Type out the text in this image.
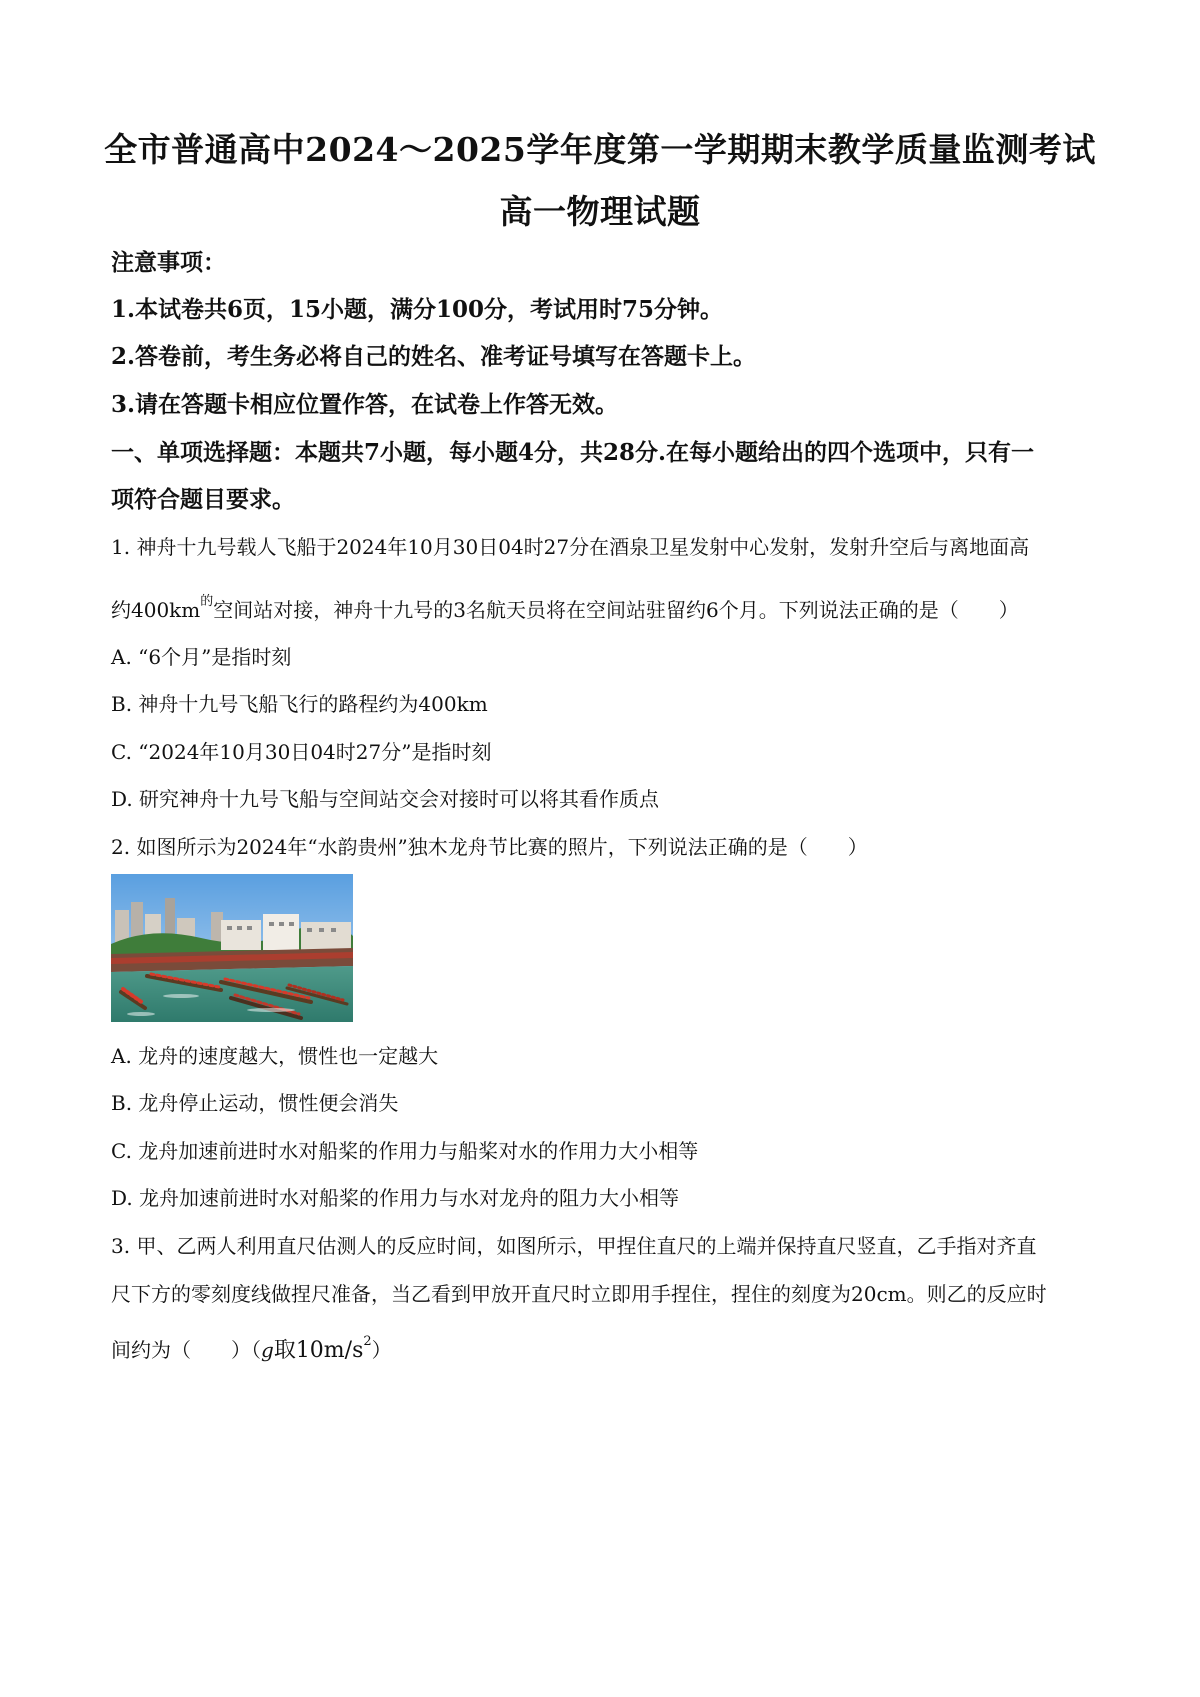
全市普通高中2024～2025学年度第一学期期末教学质量监测考试
高一物理试题
注意事项：
1.本试卷共6页，15小题，满分100分，考试用时75分钟。
2.答卷前，考生务必将自己的姓名、准考证号填写在答题卡上。
3.请在答题卡相应位置作答，在试卷上作答无效。
一、单项选择题：本题共7小题，每小题4分，共28分.在每小题给出的四个选项中，只有一
项符合题目要求。
1. 神舟十九号载人飞船于2024年10月30日04时27分在酒泉卫星发射中心发射，发射升空后与离地面高
约$400km^的$空间站对接，神舟十九号的3名航天员将在空间站驻留约6个月。下列说法正确的是（　　）
A. “6个月”是指时刻
B. 神舟十九号飞船飞行的路程约为400km
C. “2024年10月30日04时27分”是指时刻
D. 研究神舟十九号飞船与空间站交会对接时可以将其看作质点
2. 如图所示为2024年“水韵贵州”独木龙舟节比赛的照片，下列说法正确的是（　　）
A. 龙舟的速度越大，惯性也一定越大
B. 龙舟停止运动，惯性便会消失
C. 龙舟加速前进时水对船桨的作用力与船桨对水的作用力大小相等
D. 龙舟加速前进时水对船桨的作用力与水对龙舟的阻力大小相等
3. 甲、乙两人利用直尺估测人的反应时间，如图所示，甲捏住直尺的上端并保持直尺竖直，乙手指对齐直
尺下方的零刻度线做捏尺准备，当乙看到甲放开直尺时立即用手捏住，捏住的刻度为20cm。则乙的反应时
间约为（　　）（g取$10m/s^2$）
